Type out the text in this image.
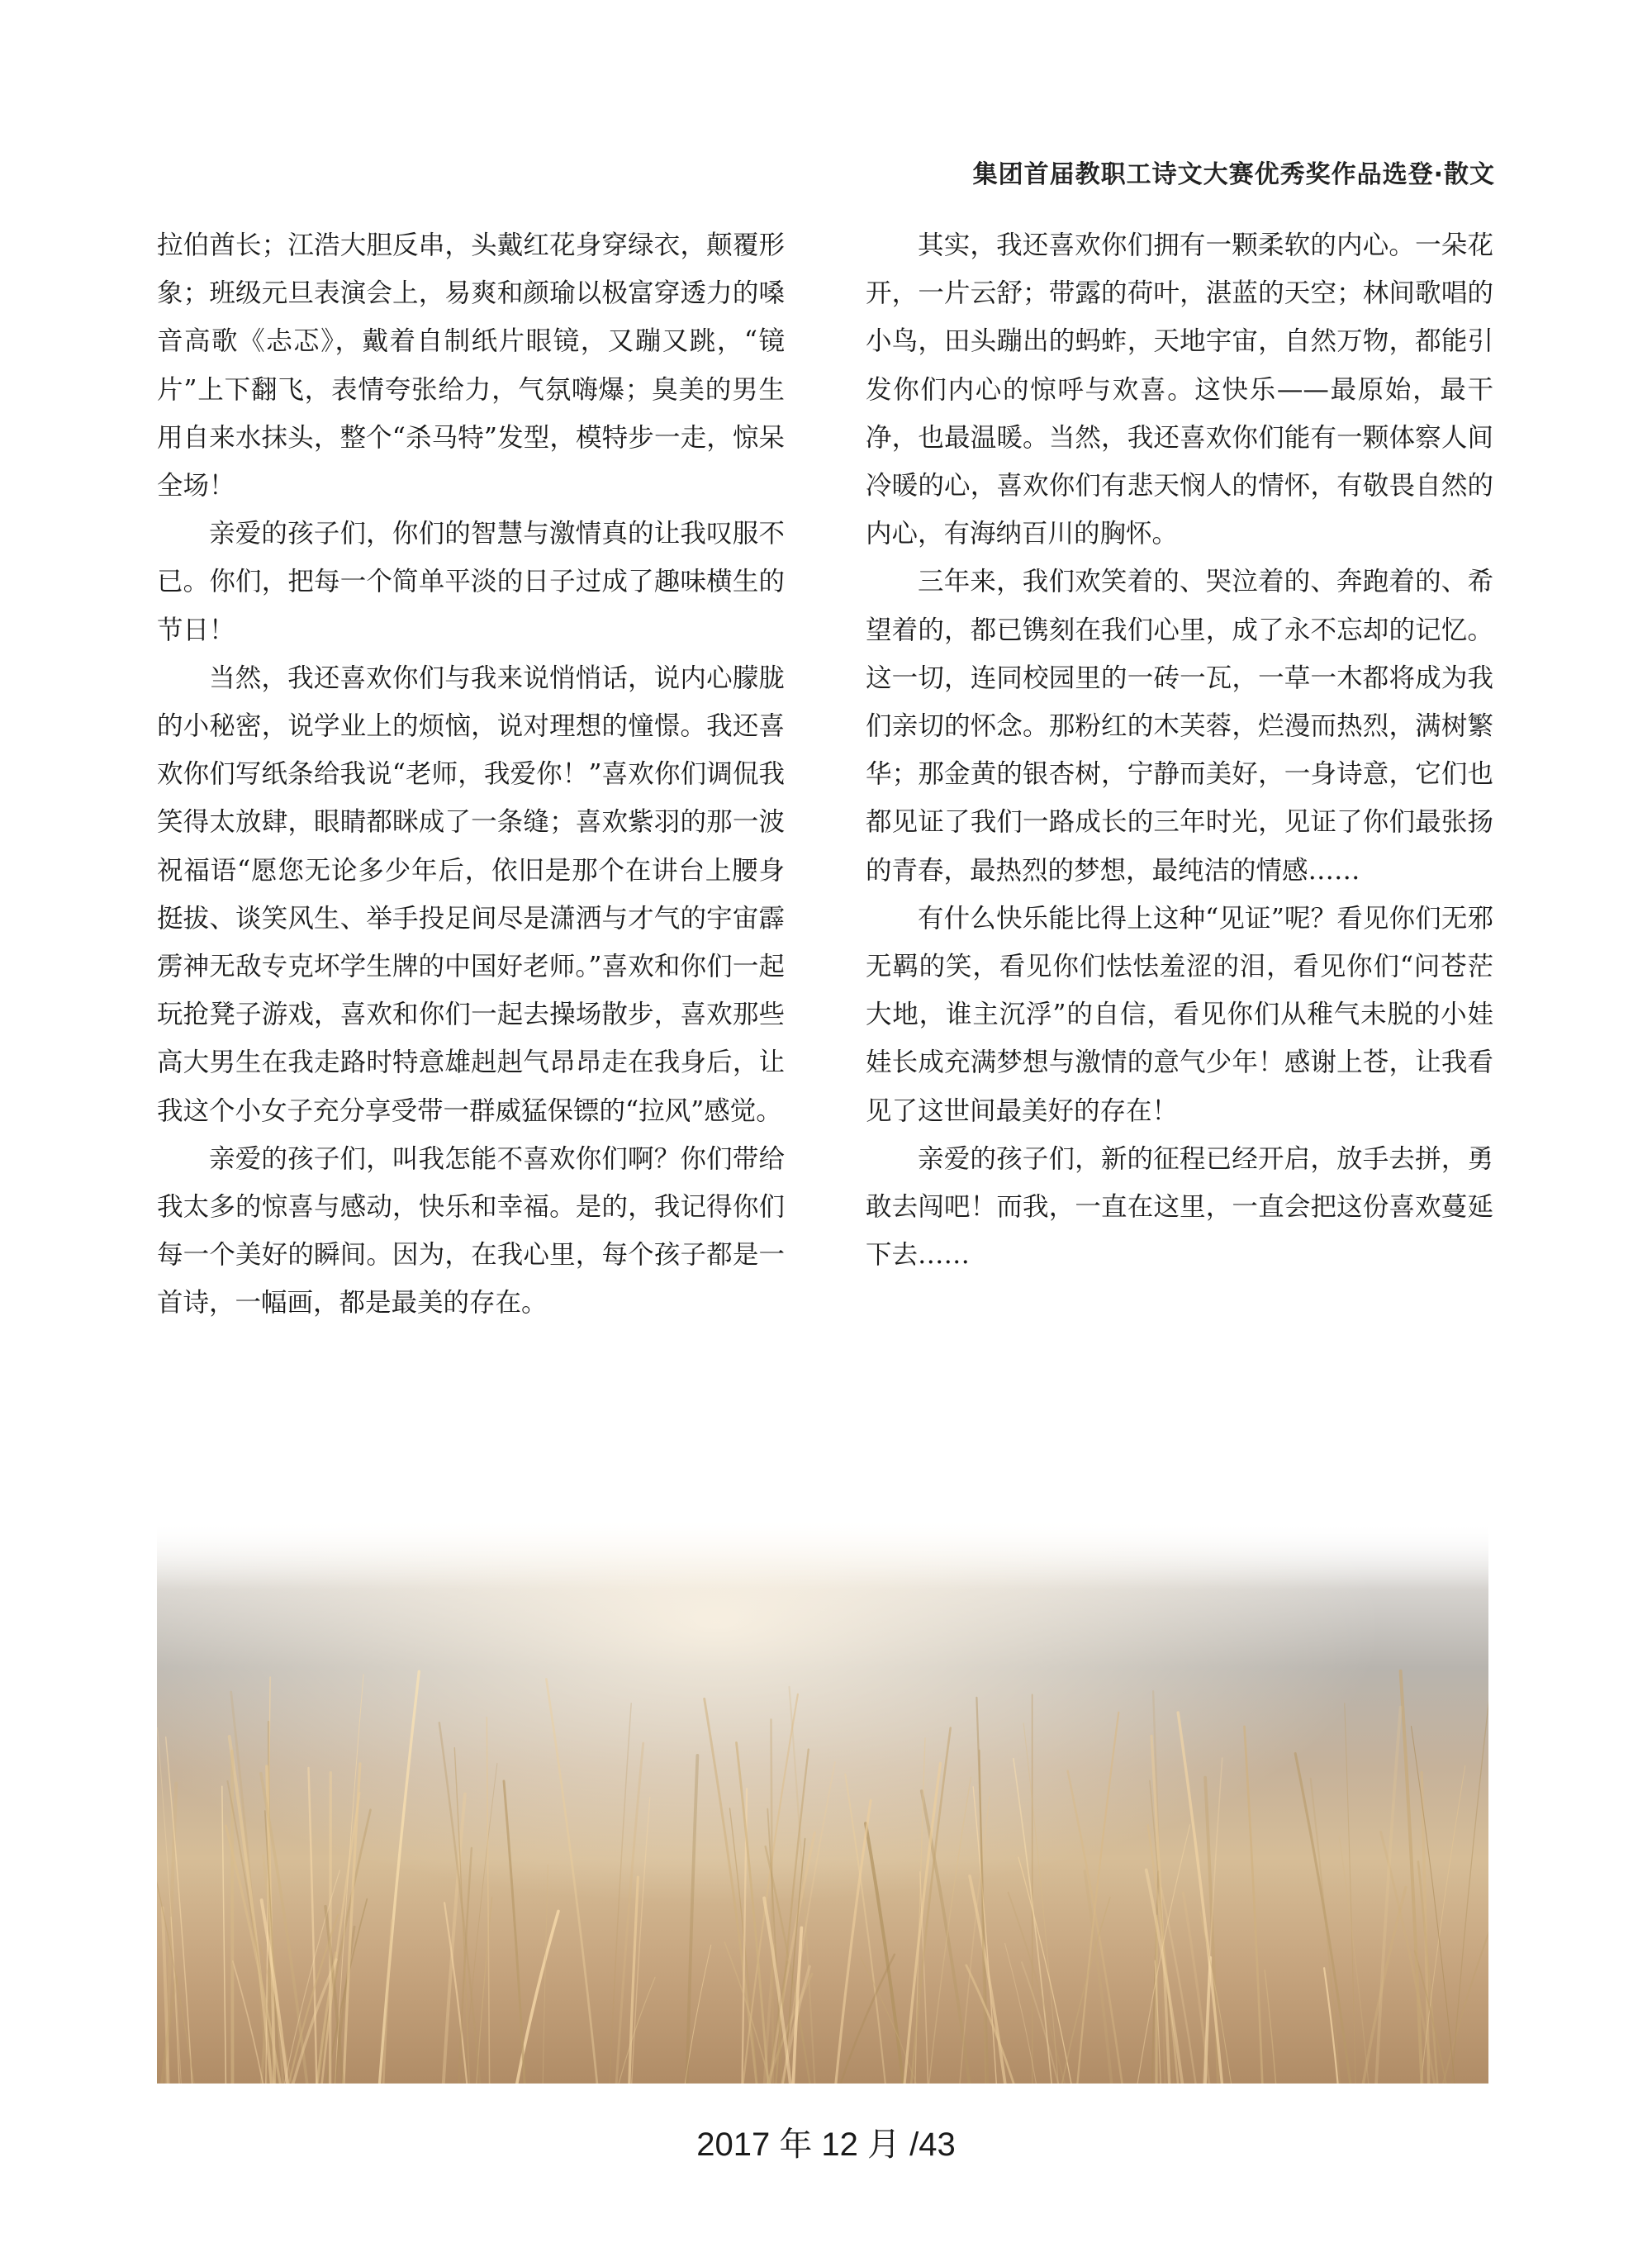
集团首届教职工诗文大赛优秀奖作品选登·散文

拉伯酋长；江浩大胆反串，头戴红花身穿绿衣，颠覆形象；班级元旦表演会上，易爽和颜瑜以极富穿透力的嗓音高歌《忐忑》，戴着自制纸片眼镜，又蹦又跳，“镜片”上下翻飞，表情夸张给力，气氛嗨爆；臭美的男生用自来水抹头，整个“杀马特”发型，模特步一走，惊呆全场！

亲爱的孩子们，你们的智慧与激情真的让我叹服不已。你们，把每一个简单平淡的日子过成了趣味横生的节日！

当然，我还喜欢你们与我来说悄悄话，说内心朦胧的小秘密，说学业上的烦恼，说对理想的憧憬。我还喜欢你们写纸条给我说“老师，我爱你！”喜欢你们调侃我笑得太放肆，眼睛都眯成了一条缝；喜欢紫羽的那一波祝福语“愿您无论多少年后，依旧是那个在讲台上腰身挺拔、谈笑风生、举手投足间尽是潇洒与才气的宇宙霹雳神无敌专克坏学生牌的中国好老师。”喜欢和你们一起玩抢凳子游戏，喜欢和你们一起去操场散步，喜欢那些高大男生在我走路时特意雄赳赳气昂昂走在我身后，让我这个小女子充分享受带一群威猛保镖的“拉风”感觉。

亲爱的孩子们，叫我怎能不喜欢你们啊？你们带给我太多的惊喜与感动，快乐和幸福。是的，我记得你们每一个美好的瞬间。因为，在我心里，每个孩子都是一首诗，一幅画，都是最美的存在。

其实，我还喜欢你们拥有一颗柔软的内心。一朵花开，一片云舒；带露的荷叶，湛蓝的天空；林间歌唱的小鸟，田头蹦出的蚂蚱，天地宇宙，自然万物，都能引发你们内心的惊呼与欢喜。这快乐——最原始，最干净，也最温暖。当然，我还喜欢你们能有一颗体察人间冷暖的心，喜欢你们有悲天悯人的情怀，有敬畏自然的内心，有海纳百川的胸怀。

三年来，我们欢笑着的、哭泣着的、奔跑着的、希望着的，都已镌刻在我们心里，成了永不忘却的记忆。这一切，连同校园里的一砖一瓦，一草一木都将成为我们亲切的怀念。那粉红的木芙蓉，烂漫而热烈，满树繁华；那金黄的银杏树，宁静而美好，一身诗意，它们也都见证了我们一路成长的三年时光，见证了你们最张扬的青春，最热烈的梦想，最纯洁的情感……

有什么快乐能比得上这种“见证”呢？看见你们无邪无羁的笑，看见你们怯怯羞涩的泪，看见你们“问苍茫大地，谁主沉浮”的自信，看见你们从稚气未脱的小娃娃长成充满梦想与激情的意气少年！感谢上苍，让我看见了这世间最美好的存在！

亲爱的孩子们，新的征程已经开启，放手去拼，勇敢去闯吧！而我，一直在这里，一直会把这份喜欢蔓延下去……

2017 年 12 月 /43
